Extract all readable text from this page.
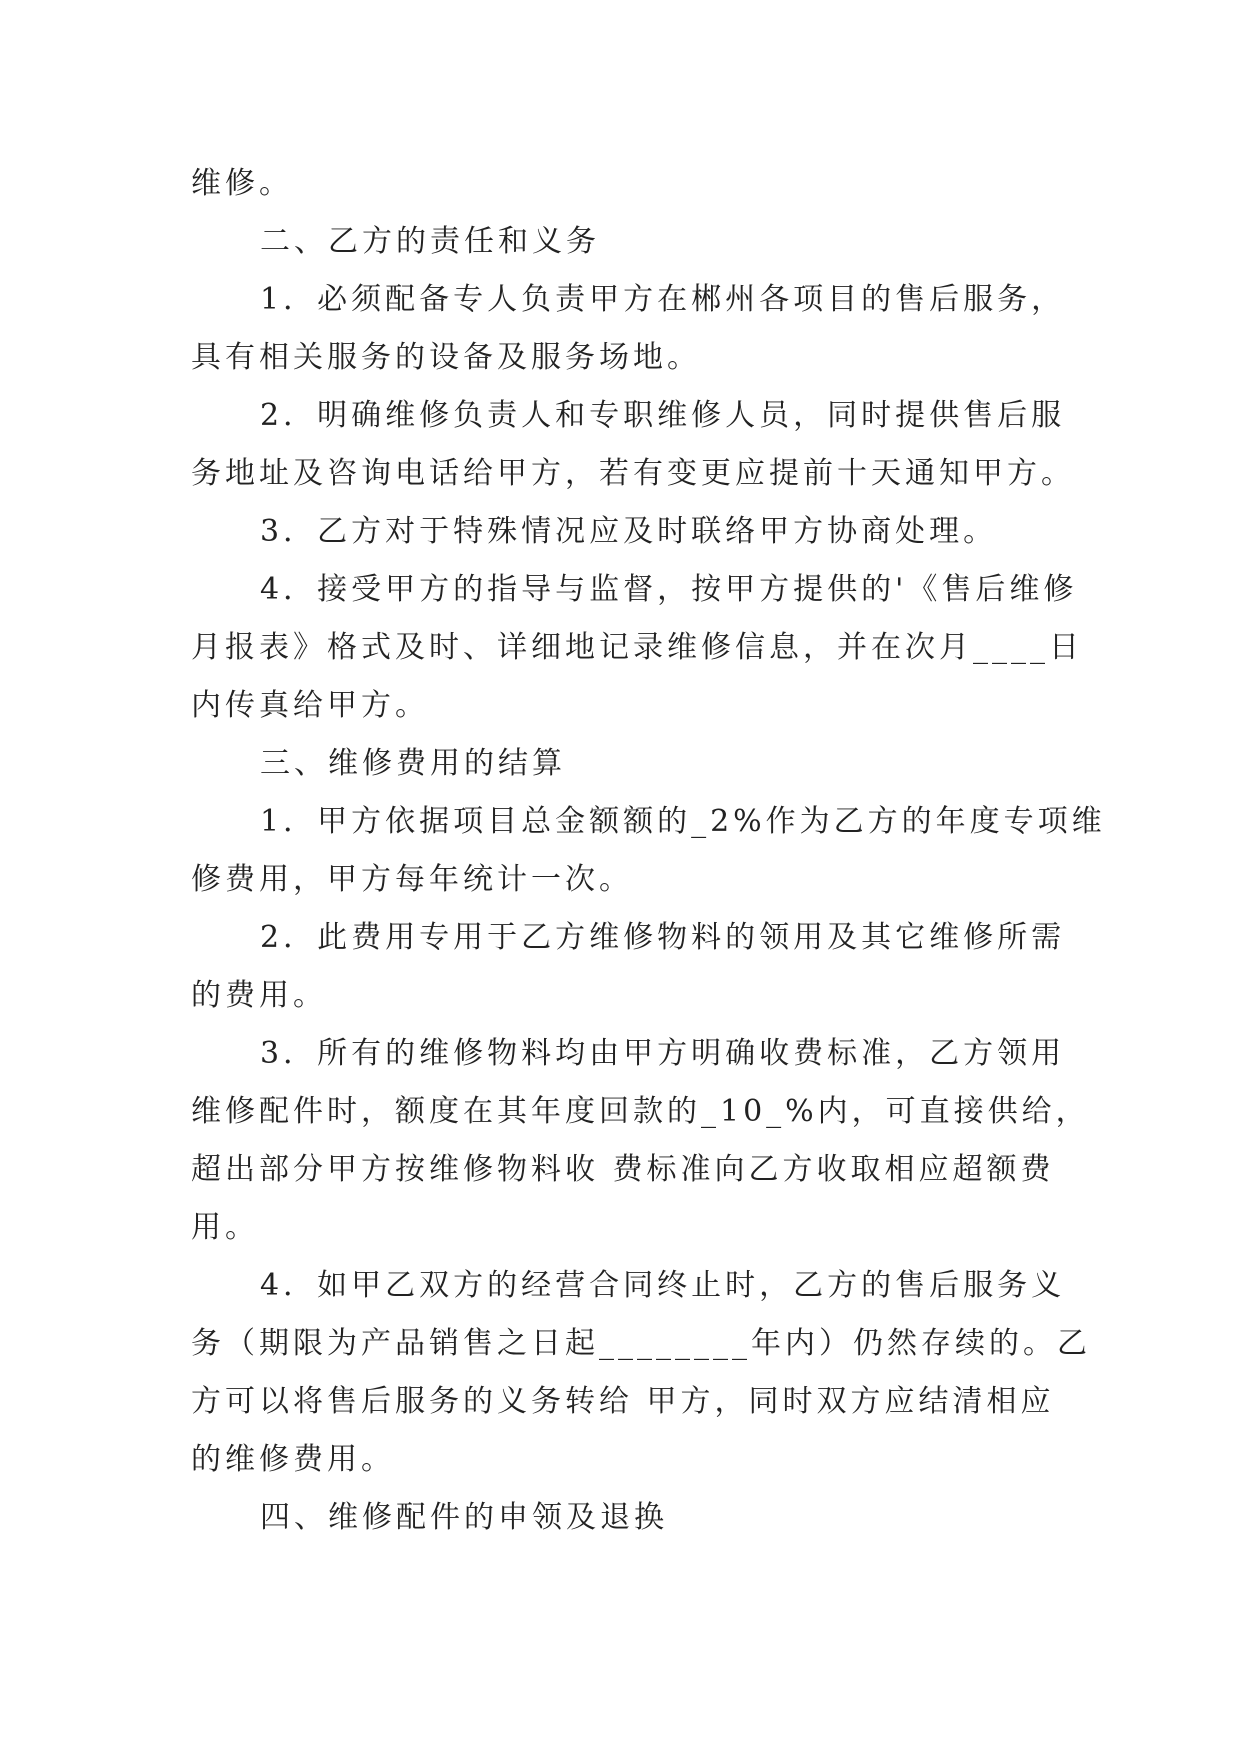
维修。

二、乙方的责任和义务

1．必须配备专人负责甲方在郴州各项目的售后服务，

具有相关服务的设备及服务场地。

2．明确维修负责人和专职维修人员，同时提供售后服

务地址及咨询电话给甲方，若有变更应提前十天通知甲方。

3．乙方对于特殊情况应及时联络甲方协商处理。

4．接受甲方的指导与监督，按甲方提供的'《售后维修

月报表》格式及时、详细地记录维修信息，并在次月____日

内传真给甲方。

三、维修费用的结算

1．甲方依据项目总金额额的_2%作为乙方的年度专项维

修费用，甲方每年统计一次。

2．此费用专用于乙方维修物料的领用及其它维修所需

的费用。

3．所有的维修物料均由甲方明确收费标准，乙方领用

维修配件时，额度在其年度回款的_10_%内，可直接供给，

超出部分甲方按维修物料收 费标准向乙方收取相应超额费

用。

4．如甲乙双方的经营合同终止时，乙方的售后服务义

务（期限为产品销售之日起________年内）仍然存续的。乙

方可以将售后服务的义务转给 甲方，同时双方应结清相应

的维修费用。

四、维修配件的申领及退换
